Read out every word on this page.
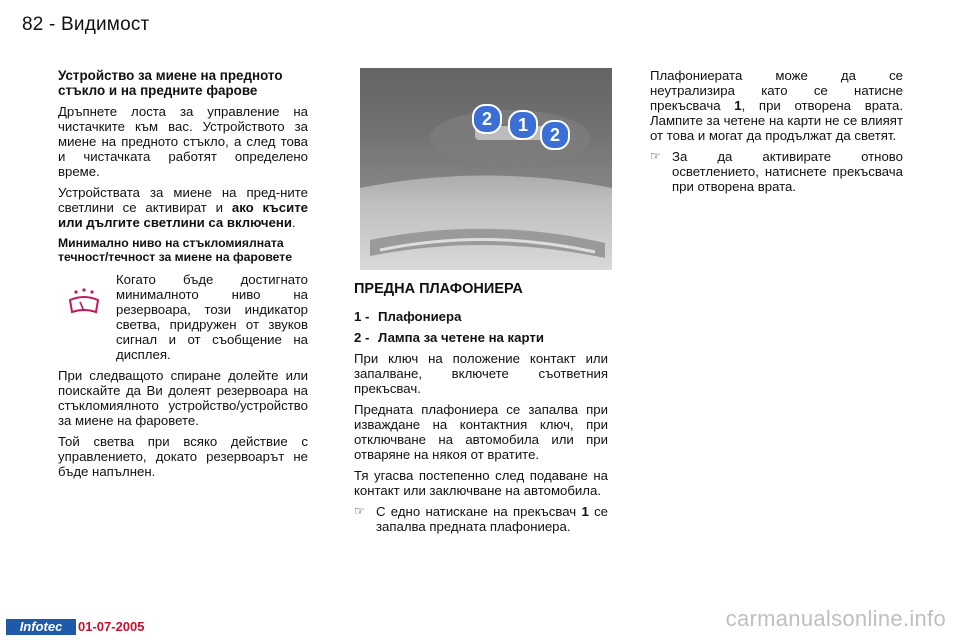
82 - Видимост

Устройство за миене на предното стъкло и на предните фарове

Дръпнете лоста за управление на чистачките към вас. Устройството за миене на предното стъкло, а след това и чистачката работят определено време.

Устройствата за миене на пред-ните светлини се активират и ако късите или дългите светлини са включени.

Минимално ниво на стъкломиялната течност/течност за миене на фаровете

Когато бъде достигнато минималното ниво на резервоара, този индикатор светва, придружен от звуков сигнал и от съобщение на дисплея.

При следващото спиране долейте или поискайте да Ви долеят резервоара на стъкломиялното устройство/устройство за миене на фаровете.

Той светва при всяко действие с управлението, докато резервоарът не бъде напълнен.

2	1	2

ПРЕДНА ПЛАФОНИЕРА

1 - Плафониера
2 - Лампа за четене на карти

При ключ на положение контакт или запалване, включете съответния прекъсвач.

Предната плафониера се запалва при изваждане на контактния ключ, при отключване на автомобила или при отваряне на някоя от вратите.

Тя угасва постепенно след подаване на контакт или заключване на автомобила.

☞ С едно натискане на прекъсвач 1 се запалва предната плафониера.

Плафониерата може да се неутрализира като се натисне прекъсвача 1, при отворена врата. Лампите за четене на карти не се влияят от това и могат да продължат да светят.

☞ За да активирате отново осветлението, натиснете прекъсвача при отворена врата.

Infotec	01-07-2005	carmanualsonline.info
